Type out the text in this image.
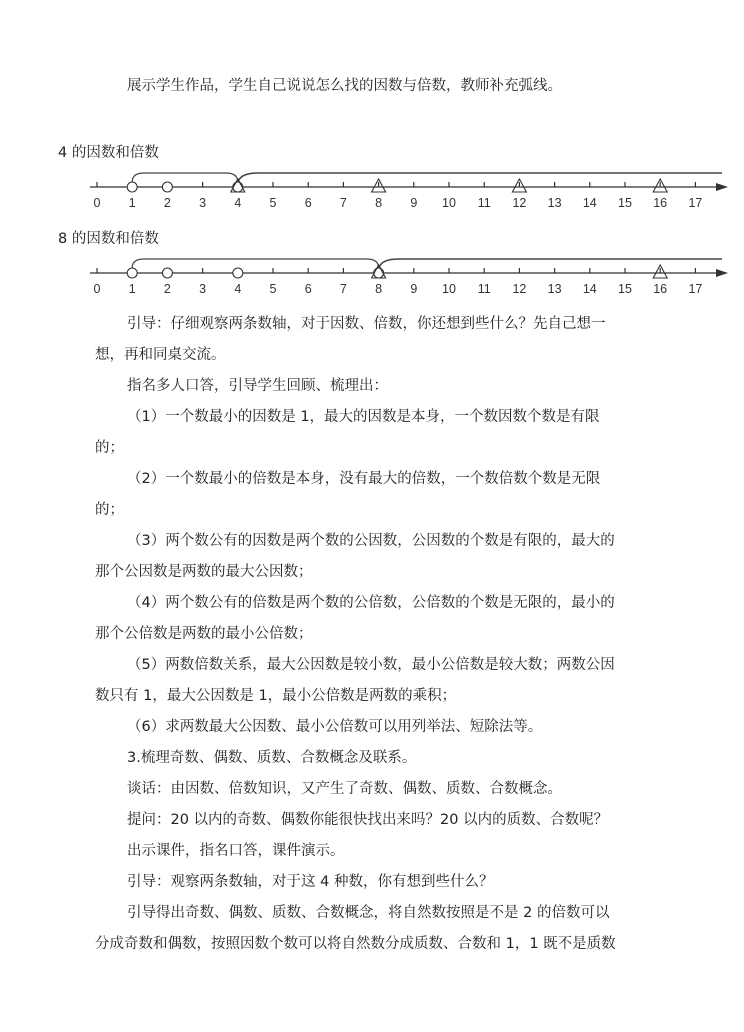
展示学生作品，学生自己说说怎么找的因数与倍数，教师补充弧线。
4 的因数和倍数
0 1 2 3 4 5 6 7 8 9 10 11 12 13 14 15 16 17
8 的因数和倍数
0 1 2 3 4 5 6 7 8 9 10 11 12 13 14 15 16 17
引导：仔细观察两条数轴，对于因数、倍数，你还想到些什么？先自己想一
想，再和同桌交流。
指名多人口答，引导学生回顾、梳理出：
（1）一个数最小的因数是 1，最大的因数是本身，一个数因数个数是有限
的；
（2）一个数最小的倍数是本身，没有最大的倍数，一个数倍数个数是无限
的；
（3）两个数公有的因数是两个数的公因数，公因数的个数是有限的，最大的
那个公因数是两数的最大公因数；
（4）两个数公有的倍数是两个数的公倍数，公倍数的个数是无限的，最小的
那个公倍数是两数的最小公倍数；
（5）两数倍数关系，最大公因数是较小数，最小公倍数是较大数；两数公因
数只有 1，最大公因数是 1，最小公倍数是两数的乘积；
（6）求两数最大公因数、最小公倍数可以用列举法、短除法等。
3.梳理奇数、偶数、质数、合数概念及联系。
谈话：由因数、倍数知识，又产生了奇数、偶数、质数、合数概念。
提问：20 以内的奇数、偶数你能很快找出来吗？20 以内的质数、合数呢？
出示课件，指名口答，课件演示。
引导：观察两条数轴，对于这 4 种数，你有想到些什么？
引导得出奇数、偶数、质数、合数概念，将自然数按照是不是 2 的倍数可以
分成奇数和偶数，按照因数个数可以将自然数分成质数、合数和 1，1 既不是质数
